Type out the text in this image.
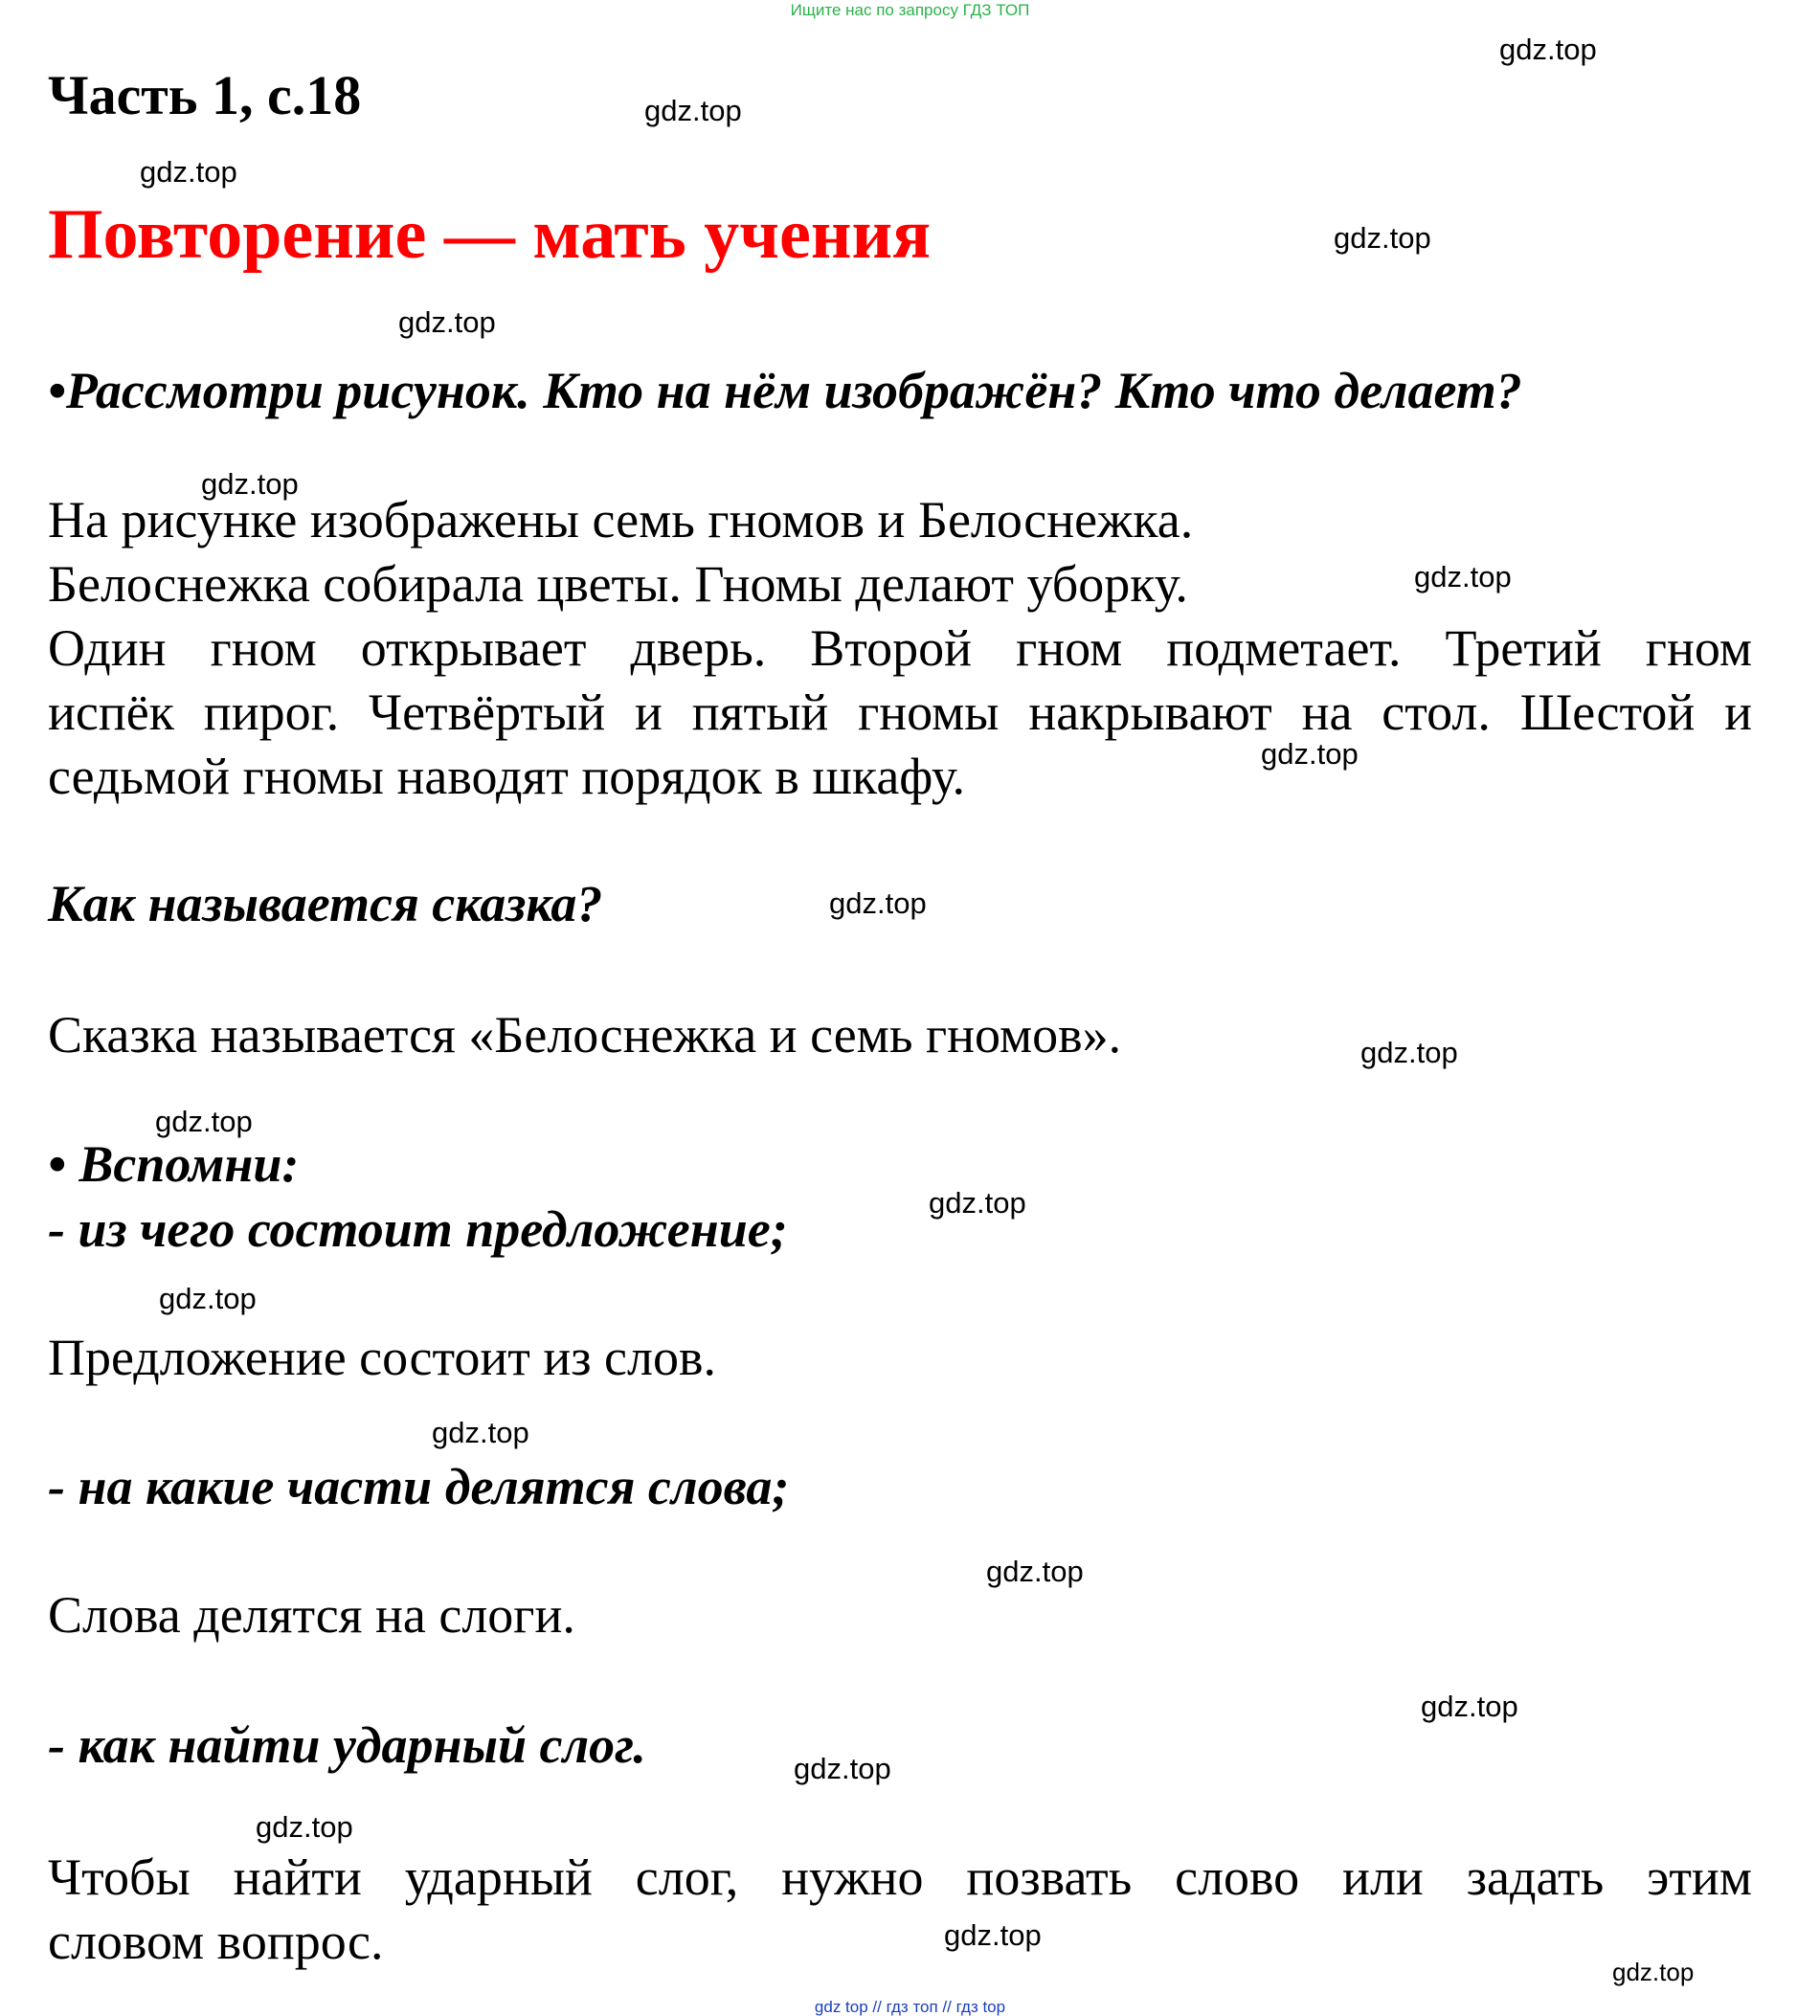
Ищите нас по запросу ГДЗ ТОП
Часть 1, с.18
Повторение — мать учения
•Рассмотри рисунок. Кто на нём изображён? Кто что делает?
На рисунке изображены семь гномов и Белоснежка.
Белоснежка собирала цветы. Гномы делают уборку.
Один гном открывает дверь. Второй гном подметает. Третий гном
испёк пирог. Четвёртый и пятый гномы накрывают на стол. Шестой и
седьмой гномы наводят порядок в шкафу.
Как называется сказка?
Сказка называется «Белоснежка и семь гномов».
• Вспомни:
- из чего состоит предложение;
Предложение состоит из слов.
- на какие части делятся слова;
Слова делятся на слоги.
- как найти ударный слог.
Чтобы найти ударный слог, нужно позвать слово или задать этим
словом вопрос.
gdz.top
gdz.top
gdz.top
gdz.top
gdz.top
gdz.top
gdz.top
gdz.top
gdz.top
gdz.top
gdz.top
gdz.top
gdz.top
gdz.top
gdz.top
gdz.top
gdz.top
gdz.top
gdz.top
gdz.top
gdz top // гдз топ // гдз top
